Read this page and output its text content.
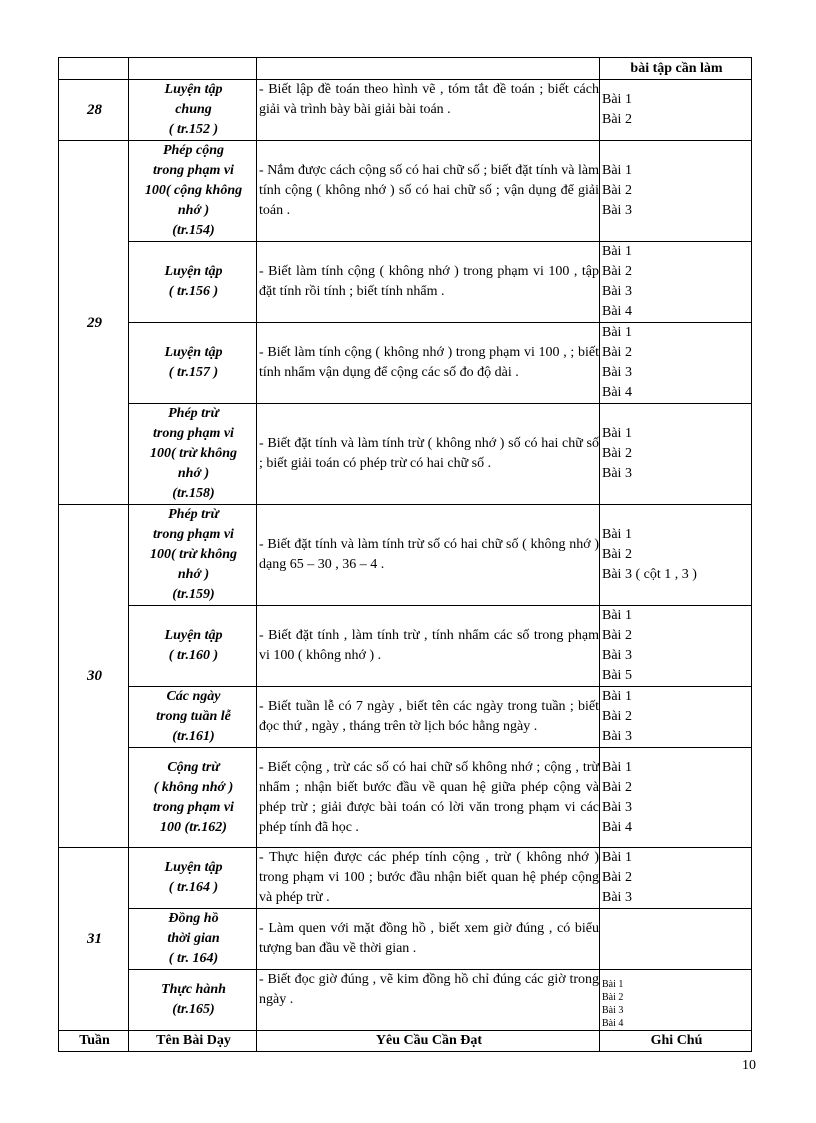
			bài tập cần làm
28	Luyện tập
chung
( tr.152 )	- Biết lập đề toán theo hình vẽ , tóm tắt đề toán ; biết cách giải và trình bày bài giải bài toán .	Bài 1
Bài 2

29	Phép cộng
trong phạm vi
100( cộng không
nhớ )
(tr.154)	- Nắm được cách cộng số có hai chữ số ; biết đặt tính và làm tính cộng ( không nhớ ) số có hai chữ số ; vận dụng để giải toán .	Bài 1
Bài 2
Bài 3

	Luyện tập
( tr.156 )	- Biết làm tính cộng ( không nhớ ) trong phạm vi 100 , tập đặt tính rồi tính ; biết tính nhẩm .	Bài 1
Bài 2
Bài 3
Bài 4

	Luyện tập
( tr.157 )	- Biết làm tính cộng ( không nhớ ) trong phạm vi 100 , ; biết tính nhẩm vận dụng để cộng các số đo độ dài .	Bài 1
Bài 2
Bài 3
Bài 4

	Phép trừ
trong phạm vi
100( trừ không
nhớ )
(tr.158)	- Biết đặt tính và làm tính trừ ( không nhớ ) số có hai chữ số ; biết giải toán có phép trừ có hai chữ số .	Bài 1
Bài 2
Bài 3

30	Phép trừ
trong phạm vi
100( trừ không
nhớ )
(tr.159)	- Biết đặt tính và làm tính trừ số có hai chữ số ( không nhớ ) dạng 65 – 30 , 36 – 4 .	Bài 1
Bài 2
Bài 3 ( cột 1 , 3 )

	Luyện tập
( tr.160 )	- Biết đặt tính , làm tính trừ , tính nhẩm các số trong phạm vi 100 ( không nhớ ) .	Bài 1
Bài 2
Bài 3
Bài 5

	Các ngày
trong tuần lễ
(tr.161)	- Biết tuần lễ có 7 ngày , biết tên các ngày trong tuần ; biết đọc thứ , ngày , tháng trên tờ lịch bóc hằng ngày .	Bài 1
Bài 2
Bài 3

	Cộng trừ
( không nhớ )
trong phạm vi
100 (tr.162)	- Biết cộng , trừ các số có hai chữ số không nhớ ; cộng , trừ nhẩm ; nhận biết bước đầu về quan hệ giữa phép cộng và phép trừ ; giải được bài toán có lời văn trong phạm vi các phép tính đã học .	Bài 1
Bài 2
Bài 3
Bài 4

31	Luyện tập
( tr.164 )	- Thực hiện được các phép tính cộng , trừ ( không nhớ ) trong phạm vi 100 ; bước đầu nhận biết quan hệ phép cộng và phép trừ .	Bài 1
Bài 2
Bài 3

	Đồng hồ
thời gian
( tr. 164)	- Làm quen với mặt đồng hồ , biết xem giờ đúng , có biểu tượng ban đầu về thời gian .	

	Thực hành
(tr.165)	- Biết đọc giờ đúng , vẽ kim đồng hồ chỉ đúng các giờ trong ngày .	Bài 1
Bài 2
Bài 3
Bài 4

Tuần	Tên Bài Dạy	Yêu Cầu Cần Đạt	Ghi Chú
10
